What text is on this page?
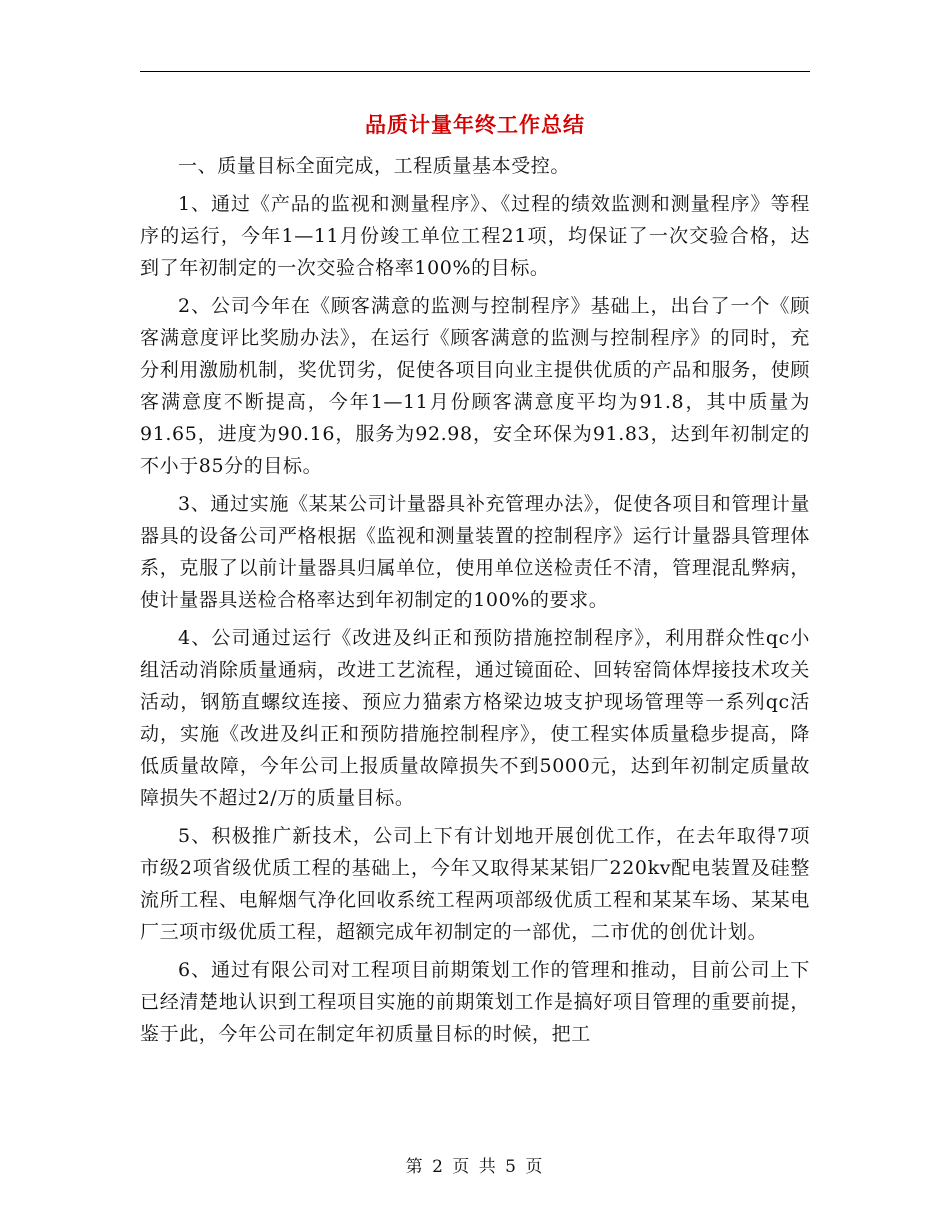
品质计量年终工作总结

一、质量目标全面完成，工程质量基本受控。

1、通过《产品的监视和测量程序》、《过程的绩效监测和测量程序》等程序的运行，今年1—11月份竣工单位工程21项，均保证了一次交验合格，达到了年初制定的一次交验合格率100%的目标。

2、公司今年在《顾客满意的监测与控制程序》基础上，出台了一个《顾客满意度评比奖励办法》，在运行《顾客满意的监测与控制程序》的同时，充分利用激励机制，奖优罚劣，促使各项目向业主提供优质的产品和服务，使顾客满意度不断提高，今年1—11月份顾客满意度平均为91.8，其中质量为91.65，进度为90.16，服务为92.98，安全环保为91.83，达到年初制定的不小于85分的目标。

3、通过实施《某某公司计量器具补充管理办法》，促使各项目和管理计量器具的设备公司严格根据《监视和测量装置的控制程序》运行计量器具管理体系，克服了以前计量器具归属单位，使用单位送检责任不清，管理混乱弊病，使计量器具送检合格率达到年初制定的100%的要求。

4、公司通过运行《改进及纠正和预防措施控制程序》，利用群众性qc小组活动消除质量通病，改进工艺流程，通过镜面砼、回转窑筒体焊接技术攻关活动，钢筋直螺纹连接、预应力猫索方格梁边坡支护现场管理等一系列qc活动，实施《改进及纠正和预防措施控制程序》，使工程实体质量稳步提高，降低质量故障，今年公司上报质量故障损失不到5000元，达到年初制定质量故障损失不超过2/万的质量目标。

5、积极推广新技术，公司上下有计划地开展创优工作，在去年取得7项市级2项省级优质工程的基础上，今年又取得某某铝厂220kv配电装置及硅整流所工程、电解烟气净化回收系统工程两项部级优质工程和某某车场、某某电厂三项市级优质工程，超额完成年初制定的一部优，二市优的创优计划。

6、通过有限公司对工程项目前期策划工作的管理和推动，目前公司上下已经清楚地认识到工程项目实施的前期策划工作是搞好项目管理的重要前提，鉴于此，今年公司在制定年初质量目标的时候，把工

第 2 页 共 5 页
